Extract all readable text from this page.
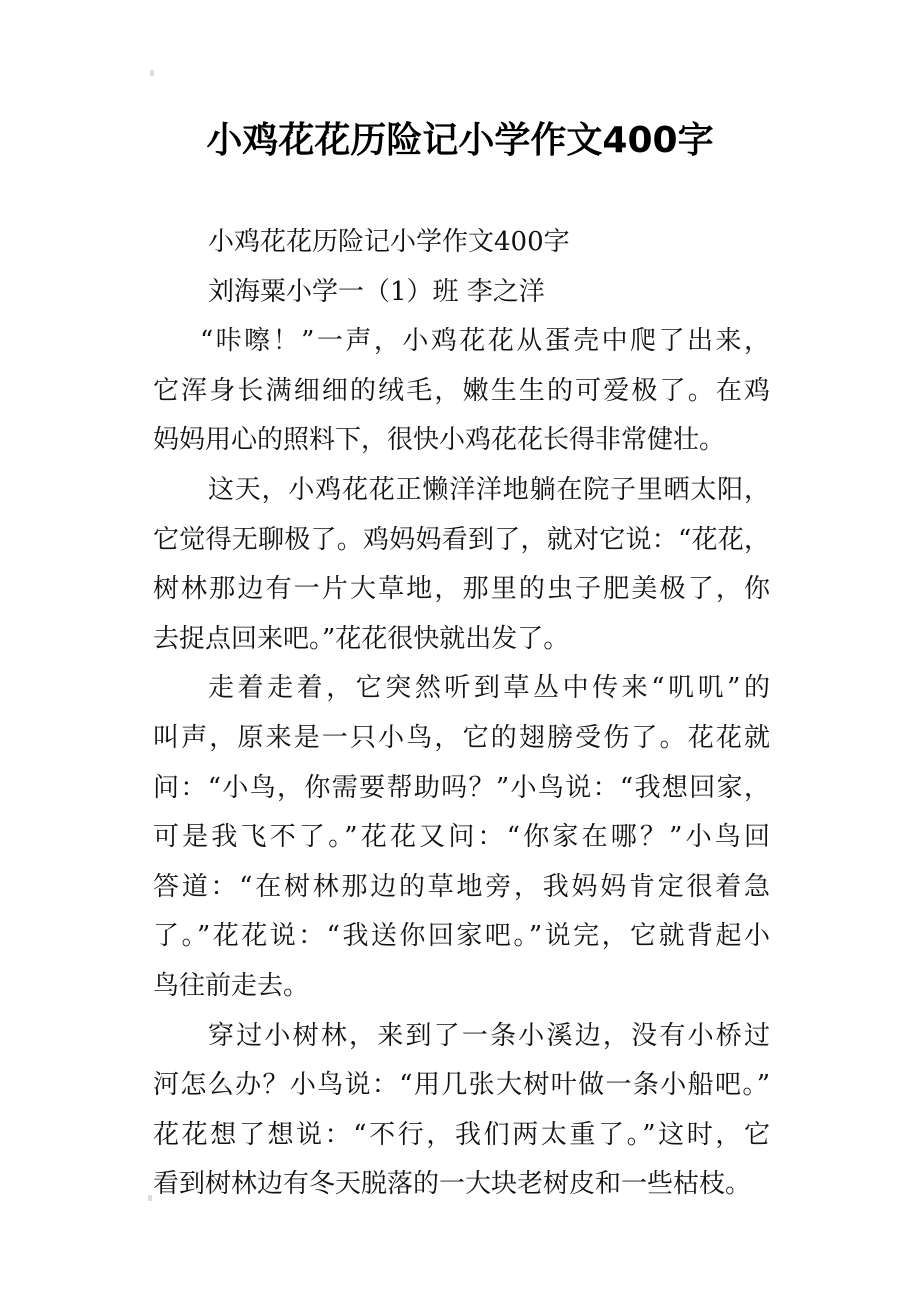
小鸡花花历险记小学作文400字
小鸡花花历险记小学作文400字
刘海粟小学一（1）班 李之洋
“咔嚓！”一声，小鸡花花从蛋壳中爬了出来，
它浑身长满细细的绒毛，嫩生生的可爱极了。在鸡
妈妈用心的照料下，很快小鸡花花长得非常健壮。
这天，小鸡花花正懒洋洋地躺在院子里晒太阳，
它觉得无聊极了。鸡妈妈看到了，就对它说：“花花，
树林那边有一片大草地，那里的虫子肥美极了，你
去捉点回来吧。”花花很快就出发了。
走着走着，它突然听到草丛中传来“叽叽”的
叫声，原来是一只小鸟，它的翅膀受伤了。花花就
问：“小鸟，你需要帮助吗？”小鸟说：“我想回家，
可是我飞不了。”花花又问：“你家在哪？”小鸟回
答道：“在树林那边的草地旁，我妈妈肯定很着急
了。”花花说：“我送你回家吧。”说完，它就背起小
鸟往前走去。
穿过小树林，来到了一条小溪边，没有小桥过
河怎么办？小鸟说：“用几张大树叶做一条小船吧。”
花花想了想说：“不行，我们两太重了。”这时，它
看到树林边有冬天脱落的一大块老树皮和一些枯枝。
